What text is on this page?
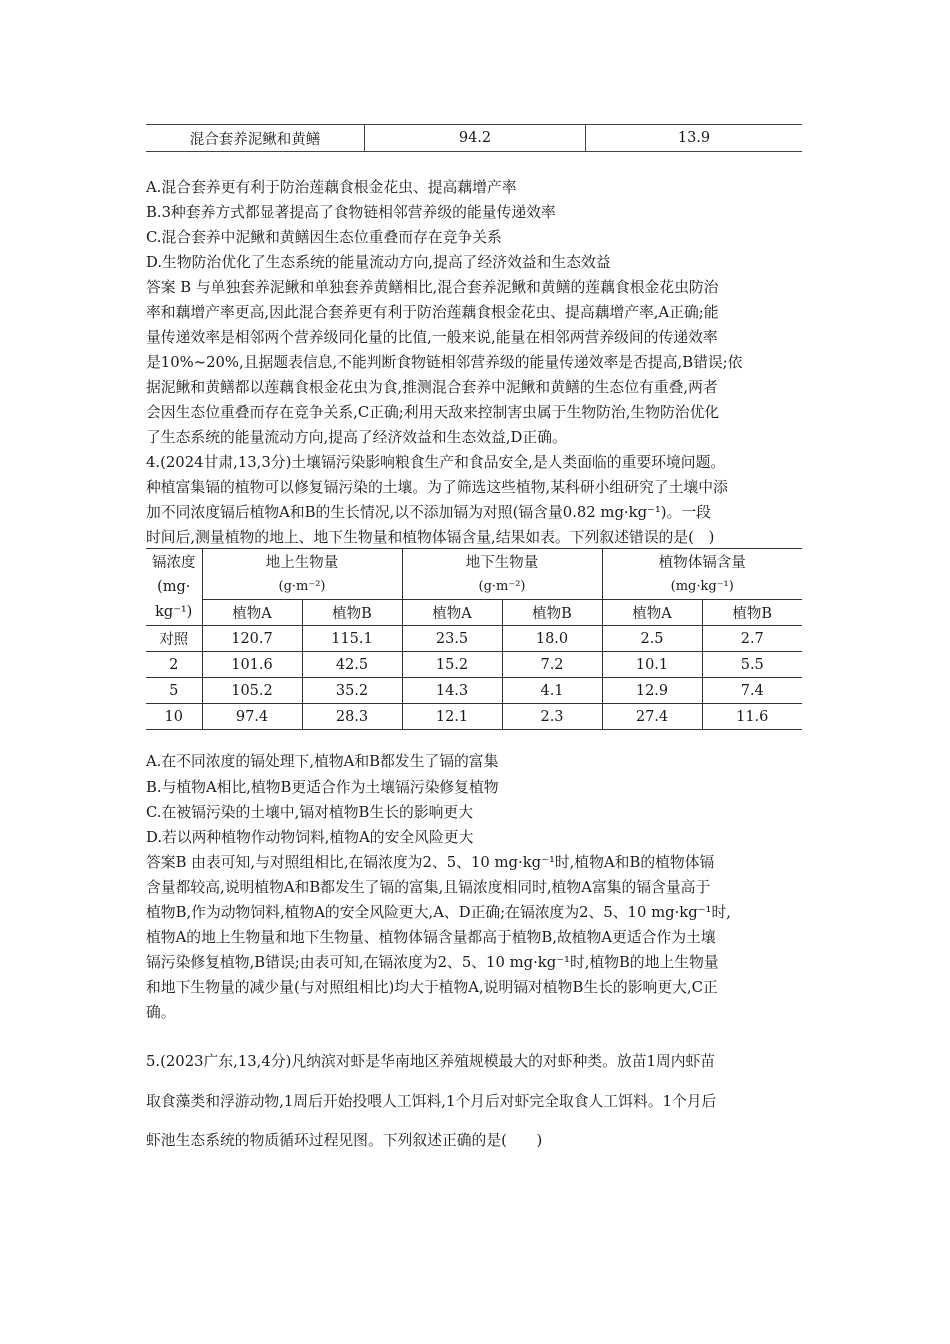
混合套养泥鳅和黄鳝	94.2	13.9
A.混合套养更有利于防治莲藕食根金花虫、提高藕增产率
B.3种套养方式都显著提高了食物链相邻营养级的能量传递效率
C.混合套养中泥鳅和黄鳝因生态位重叠而存在竞争关系
D.生物防治优化了生态系统的能量流动方向,提高了经济效益和生态效益
答案 B 与单独套养泥鳅和单独套养黄鳝相比,混合套养泥鳅和黄鳝的莲藕食根金花虫防治
率和藕增产率更高,因此混合套养更有利于防治莲藕食根金花虫、提高藕增产率,A正确;能
量传递效率是相邻两个营养级同化量的比值,一般来说,能量在相邻两营养级间的传递效率
是10%~20%,且据题表信息,不能判断食物链相邻营养级的能量传递效率是否提高,B错误;依
据泥鳅和黄鳝都以莲藕食根金花虫为食,推测混合套养中泥鳅和黄鳝的生态位有重叠,两者
会因生态位重叠而存在竞争关系,C正确;利用天敌来控制害虫属于生物防治,生物防治优化
了生态系统的能量流动方向,提高了经济效益和生态效益,D正确。
4.(2024甘肃,13,3分)土壤镉污染影响粮食生产和食品安全,是人类面临的重要环境问题。
种植富集镉的植物可以修复镉污染的土壤。为了筛选这些植物,某科研小组研究了土壤中添
加不同浓度镉后植物A和B的生长情况,以不添加镉为对照(镉含量0.82 mg·kg⁻¹)。一段
时间后,测量植物的地上、地下生物量和植物体镉含量,结果如表。下列叙述错误的是(　)
镉浓度	地上生物量		地下生物量		植物体镉含量	
(mg·	(g·m⁻²)		(g·m⁻²)		(mg·kg⁻¹)	
kg⁻¹)	植物A	植物B	植物A	植物B	植物A	植物B
对照	120.7	115.1	23.5	18.0	2.5	2.7
2	101.6	42.5	15.2	7.2	10.1	5.5
5	105.2	35.2	14.3	4.1	12.9	7.4
10	97.4	28.3	12.1	2.3	27.4	11.6
A.在不同浓度的镉处理下,植物A和B都发生了镉的富集
B.与植物A相比,植物B更适合作为土壤镉污染修复植物
C.在被镉污染的土壤中,镉对植物B生长的影响更大
D.若以两种植物作动物饲料,植物A的安全风险更大
答案B 由表可知,与对照组相比,在镉浓度为2、5、10 mg·kg⁻¹时,植物A和B的植物体镉
含量都较高,说明植物A和B都发生了镉的富集,且镉浓度相同时,植物A富集的镉含量高于
植物B,作为动物饲料,植物A的安全风险更大,A、D正确;在镉浓度为2、5、10 mg·kg⁻¹时,
植物A的地上生物量和地下生物量、植物体镉含量都高于植物B,故植物A更适合作为土壤
镉污染修复植物,B错误;由表可知,在镉浓度为2、5、10 mg·kg⁻¹时,植物B的地上生物量
和地下生物量的减少量(与对照组相比)均大于植物A,说明镉对植物B生长的影响更大,C正
确。
5.(2023广东,13,4分)凡纳滨对虾是华南地区养殖规模最大的对虾种类。放苗1周内虾苗
取食藻类和浮游动物,1周后开始投喂人工饵料,1个月后对虾完全取食人工饵料。1个月后
虾池生态系统的物质循环过程见图。下列叙述正确的是(　　)
